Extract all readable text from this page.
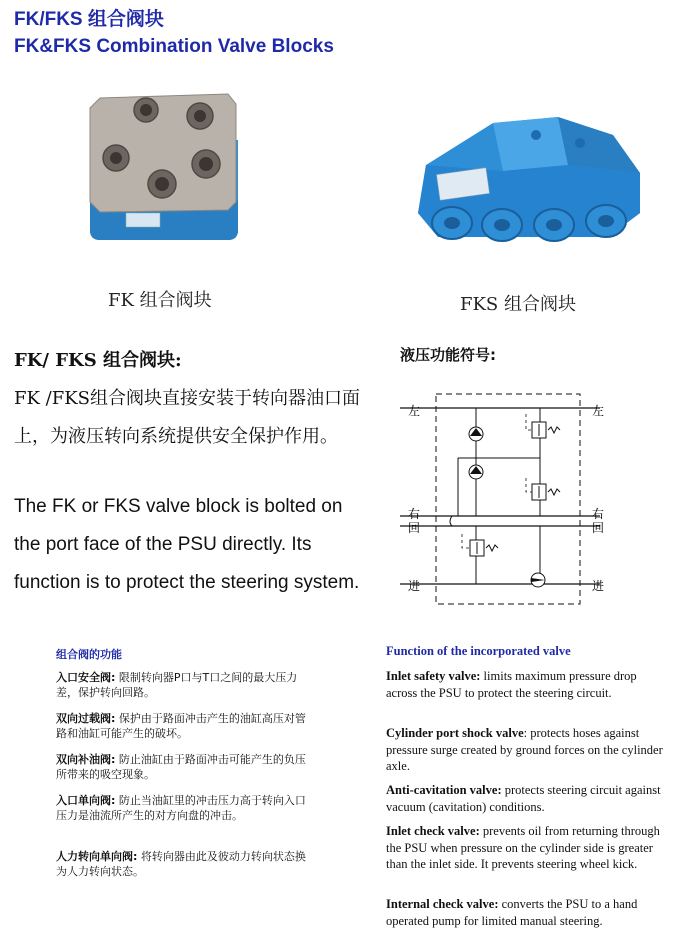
FK/FKS 组合阀块
FK&FKS Combination Valve Blocks
FK 组合阀块	FKS 组合阀块
FK/ FKS 组合阀块:
FK /FKS组合阀块直接安装于转向器油口面上，为液压转向系统提供安全保护作用。
The FK or FKS valve block is bolted on the port face of the PSU directly. Its function is to protect the steering system.
液压功能符号:
左
右
回
进
左
右
回
进
组合阀的功能
入口安全阀: 限制转向器P口与T口之间的最大压力差，保护转向回路。
双向过载阀: 保护由于路面冲击产生的油缸高压对管路和油缸可能产生的破坏。
双向补油阀: 防止油缸由于路面冲击可能产生的负压所带来的吸空现象。
入口单向阀: 防止当油缸里的冲击压力高于转向入口压力是油流所产生的对方向盘的冲击。
人力转向单向阀: 将转向器由此及彼动力转向状态换为人力转向状态。
Function of the incorporated valve
Inlet safety valve: limits maximum pressure drop across the PSU to protect the steering circuit.
Cylinder port shock valve: protects hoses against pressure surge created by ground forces on the cylinder axle.
Anti-cavitation valve: protects steering circuit against vacuum (cavitation) conditions.
Inlet check valve: prevents oil from returning through the PSU when pressure on the cylinder side is greater than the inlet side. It prevents steering wheel kick.
Internal check valve: converts the PSU to a hand operated pump for limited manual steering.
